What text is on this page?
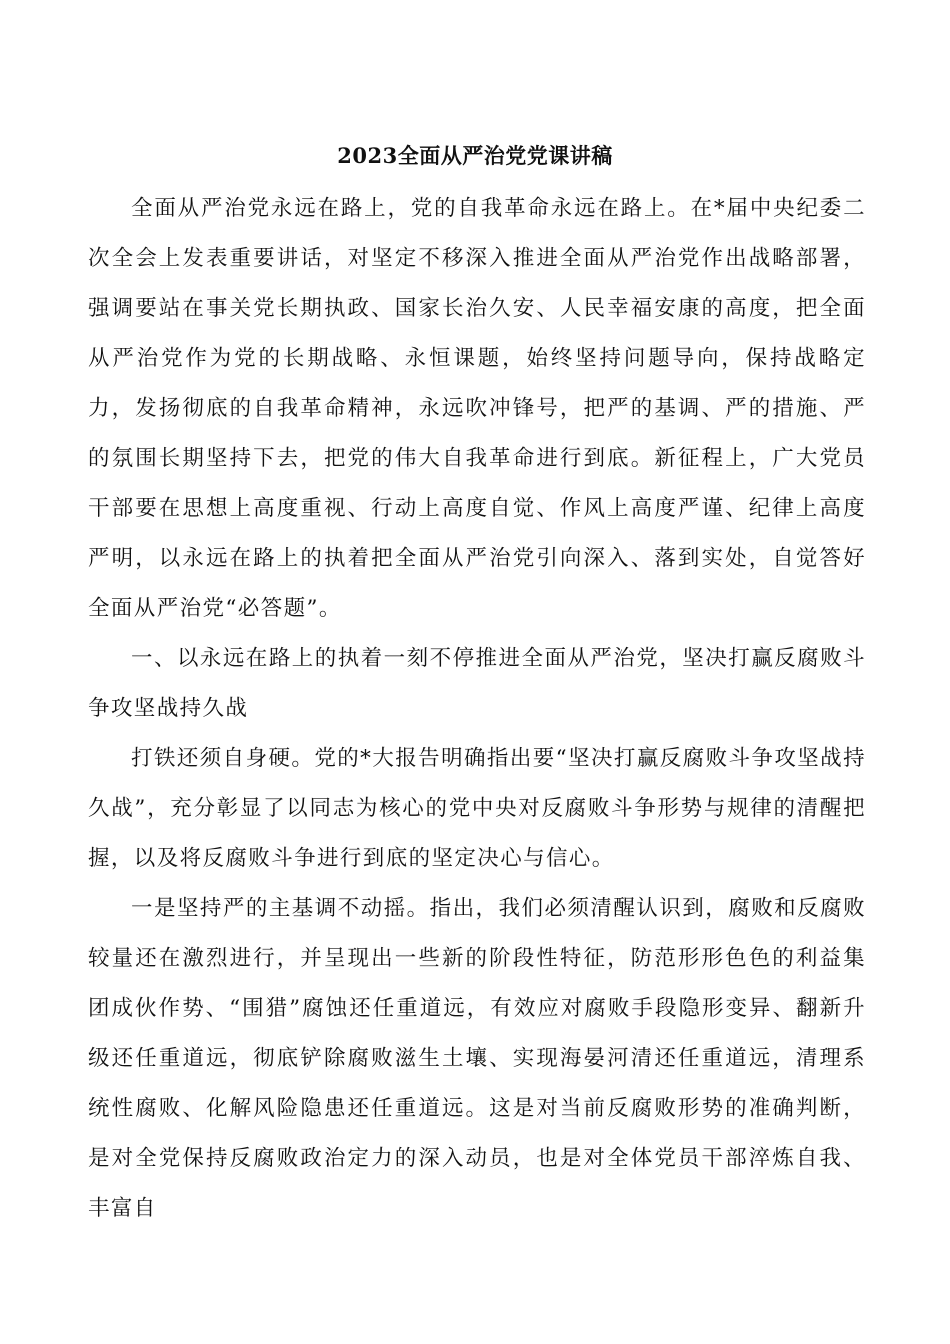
2023全面从严治党党课讲稿

全面从严治党永远在路上，党的自我革命永远在路上。在*届中央纪委二次全会上发表重要讲话，对坚定不移深入推进全面从严治党作出战略部署，强调要站在事关党长期执政、国家长治久安、人民幸福安康的高度，把全面从严治党作为党的长期战略、永恒课题，始终坚持问题导向，保持战略定力，发扬彻底的自我革命精神，永远吹冲锋号，把严的基调、严的措施、严的氛围长期坚持下去，把党的伟大自我革命进行到底。新征程上，广大党员干部要在思想上高度重视、行动上高度自觉、作风上高度严谨、纪律上高度严明，以永远在路上的执着把全面从严治党引向深入、落到实处，自觉答好全面从严治党“必答题”。

一、以永远在路上的执着一刻不停推进全面从严治党，坚决打赢反腐败斗争攻坚战持久战

打铁还须自身硬。党的*大报告明确指出要“坚决打赢反腐败斗争攻坚战持久战”，充分彰显了以同志为核心的党中央对反腐败斗争形势与规律的清醒把握，以及将反腐败斗争进行到底的坚定决心与信心。

一是坚持严的主基调不动摇。指出，我们必须清醒认识到，腐败和反腐败较量还在激烈进行，并呈现出一些新的阶段性特征，防范形形色色的利益集团成伙作势、“围猎”腐蚀还任重道远，有效应对腐败手段隐形变异、翻新升级还任重道远，彻底铲除腐败滋生土壤、实现海晏河清还任重道远，清理系统性腐败、化解风险隐患还任重道远。这是对当前反腐败形势的准确判断，是对全党保持反腐败政治定力的深入动员，也是对全体党员干部淬炼自我、丰富自
